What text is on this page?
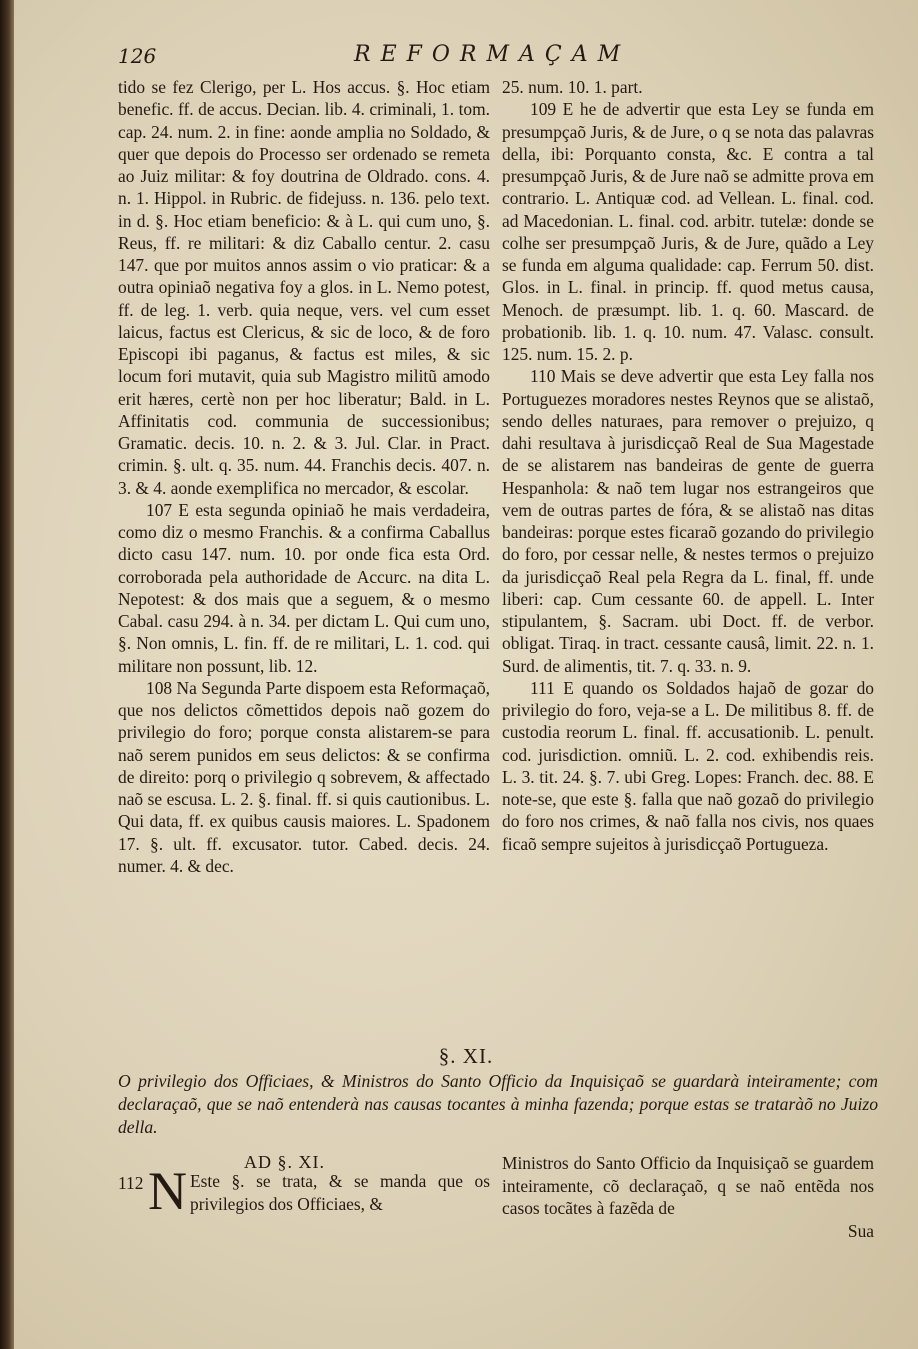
126	REFORMAÇAM

tido se fez Clerigo, per L. Hos accus. §. Hoc etiam benefic. ff. de accus. Decian. lib. 4. criminali, 1. tom. cap. 24. num. 2. in fine: aonde amplia no Soldado, & quer que depois do Processo ser ordenado se remeta ao Juiz militar: & foy doutrina de Oldrado. cons. 4. n. 1. Hippol. in Rubric. de fidejuss. n. 136. pelo text. in d. §. Hoc etiam beneficio: & à L. qui cum uno, §. Reus, ff. re militari: & diz Caballo centur. 2. casu 147. que por muitos annos assim o vio praticar: & a outra opiniaõ negativa foy a glos. in L. Nemo potest, ff. de leg. 1. verb. quia neque, vers. vel cum esset laicus, factus est Clericus, & sic de loco, & de foro Episcopi ibi paganus, & factus est miles, & sic locum fori mutavit, quia sub Magistro militũ amodo erit hæres, certè non per hoc liberatur; Bald. in L. Affinitatis cod. communia de successionibus; Gramatic. decis. 10. n. 2. & 3. Jul. Clar. in Pract. crimin. §. ult. q. 35. num. 44. Franchis decis. 407. n. 3. & 4. aonde exemplifica no mercador, & escolar.

107 E esta segunda opiniaõ he mais verdadeira, como diz o mesmo Franchis. & a confirma Caballus dicto casu 147. num. 10. por onde fica esta Ord. corroborada pela authoridade de Accurc. na dita L. Nepotest: & dos mais que a seguem, & o mesmo Cabal. casu 294. à n. 34. per dictam L. Qui cum uno, §. Non omnis, L. fin. ff. de re militari, L. 1. cod. qui militare non possunt, lib. 12.

108 Na Segunda Parte dispoem esta Reformaçaõ, que nos delictos cõmettidos depois naõ gozem do privilegio do foro; porque consta alistarem-se para naõ serem punidos em seus delictos: & se confirma de direito: porq o privilegio q sobrevem, & affectado naõ se escusa. L. 2. §. final. ff. si quis cautionibus. L. Qui data, ff. ex quibus causis maiores. L. Spadonem 17. §. ult. ff. excusator. tutor. Cabed. decis. 24. numer. 4. & dec.

25. num. 10. 1. part.

109 E he de advertir que esta Ley se funda em presumpçaõ Juris, & de Jure, o q se nota das palavras della, ibi: Porquanto consta, &c. E contra a tal presumpçaõ Juris, & de Jure naõ se admitte prova em contrario. L. Antiquæ cod. ad Vellean. L. final. cod. ad Macedonian. L. final. cod. arbitr. tutelæ: donde se colhe ser presumpçaõ Juris, & de Jure, quãdo a Ley se funda em alguma qualidade: cap. Ferrum 50. dist. Glos. in L. final. in princip. ff. quod metus causa, Menoch. de præsumpt. lib. 1. q. 60. Mascard. de probationib. lib. 1. q. 10. num. 47. Valasc. consult. 125. num. 15. 2. p.

110 Mais se deve advertir que esta Ley falla nos Portuguezes moradores nestes Reynos que se alistaõ, sendo delles naturaes, para remover o prejuizo, q dahi resultava à jurisdicçaõ Real de Sua Magestade de se alistarem nas bandeiras de gente de guerra Hespanhola: & naõ tem lugar nos estrangeiros que vem de outras partes de fóra, & se alistaõ nas ditas bandeiras: porque estes ficaraõ gozando do privilegio do foro, por cessar nelle, & nestes termos o prejuizo da jurisdicçaõ Real pela Regra da L. final, ff. unde liberi: cap. Cum cessante 60. de appell. L. Inter stipulantem, §. Sacram. ubi Doct. ff. de verbor. obligat. Tiraq. in tract. cessante causâ, limit. 22. n. 1. Surd. de alimentis, tit. 7. q. 33. n. 9.

111 E quando os Soldados hajaõ de gozar do privilegio do foro, veja-se a L. De militibus 8. ff. de custodia reorum L. final. ff. accusationib. L. penult. cod. jurisdiction. omniũ. L. 2. cod. exhibendis reis. L. 3. tit. 24. §. 7. ubi Greg. Lopes: Franch. dec. 88. E note-se, que este §. falla que naõ gozaõ do privilegio do foro nos crimes, & naõ falla nos civis, nos quaes ficaõ sempre sujeitos à jurisdicçaõ Portugueza.

§. XI.
O privilegio dos Officiaes, & Ministros do Santo Officio da Inquisiçaõ se guardarà inteiramente; com declaraçaõ, que se naõ entenderà nas causas tocantes à minha fazenda; porque estas se trataràõ no Juizo della.
AD §. XI.
112 N Este §. se trata, & se manda que os privilegios dos Officiaes, &
Ministros do Santo Officio da Inquisiçaõ se guardem inteiramente, cõ declaraçaõ, q se naõ entẽda nos casos tocãtes à fazẽda de
Sua
